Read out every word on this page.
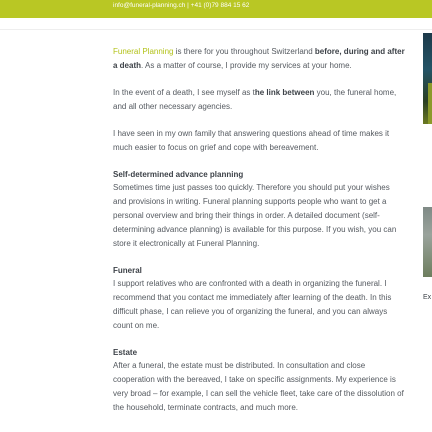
info@funeral-planning.ch | +41 (0)79 884 15 62

Funeral Planning is there for you throughout Switzerland before, during and after a death. As a matter of course, I provide my services at your home.

In the event of a death, I see myself as the link between you, the funeral home, and all other necessary agencies.

I have seen in my own family that answering questions ahead of time makes it much easier to focus on grief and cope with bereavement.

Self-determined advance planning

Sometimes time just passes too quickly. Therefore you should put your wishes and provisions in writing. Funeral planning supports people who want to get a personal overview and bring their things in order. A detailed document (self-determining advance planning) is available for this purpose. If you wish, you can store it electronically at Funeral Planning.

Funeral

I support relatives who are confronted with a death in organizing the funeral. I recommend that you contact me immediately after learning of the death. In this difficult phase, I can relieve you of organizing the funeral, and you can always count on me.

Estate

After a funeral, the estate must be distributed. In consultation and close cooperation with the bereaved, I take on specific assignments. My experience is very broad – for example, I can sell the vehicle fleet, take care of the dissolution of the household, terminate contracts, and much more.

Ex
